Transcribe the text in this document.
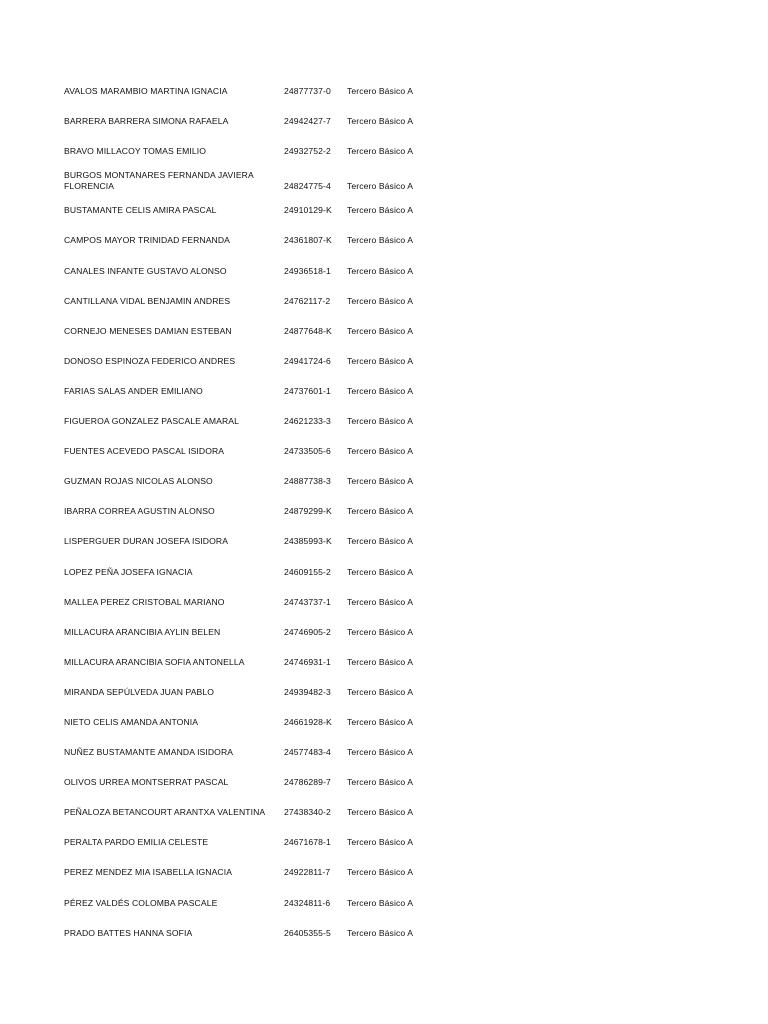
AVALOS MARAMBIO MARTINA IGNACIA	24877737-0 Tercero Básico A
BARRERA BARRERA SIMONA RAFAELA	24942427-7 Tercero Básico A
BRAVO MILLACOY TOMAS EMILIO	24932752-2 Tercero Básico A
BURGOS MONTANARES FERNANDA JAVIERA FLORENCIA	24824775-4 Tercero Básico A
BUSTAMANTE CELIS AMIRA PASCAL	24910129-K Tercero Básico A
CAMPOS MAYOR TRINIDAD FERNANDA	24361807-K Tercero Básico A
CANALES INFANTE GUSTAVO ALONSO	24936518-1 Tercero Básico A
CANTILLANA VIDAL BENJAMIN ANDRES	24762117-2 Tercero Básico A
CORNEJO MENESES DAMIAN ESTEBAN	24877648-K Tercero Básico A
DONOSO ESPINOZA FEDERICO ANDRES	24941724-6 Tercero Básico A
FARIAS SALAS ANDER EMILIANO	24737601-1 Tercero Básico A
FIGUEROA GONZALEZ PASCALE AMARAL	24621233-3 Tercero Básico A
FUENTES ACEVEDO PASCAL ISIDORA	24733505-6 Tercero Básico A
GUZMAN ROJAS NICOLAS ALONSO	24887738-3 Tercero Básico A
IBARRA CORREA AGUSTIN ALONSO	24879299-K Tercero Básico A
LISPERGUER DURAN JOSEFA ISIDORA	24385993-K Tercero Básico A
LOPEZ PEÑA JOSEFA IGNACIA	24609155-2 Tercero Básico A
MALLEA PEREZ CRISTOBAL MARIANO	24743737-1 Tercero Básico A
MILLACURA ARANCIBIA AYLIN BELEN	24746905-2 Tercero Básico A
MILLACURA ARANCIBIA SOFIA ANTONELLA	24746931-1 Tercero Básico A
MIRANDA SEPÚLVEDA JUAN PABLO	24939482-3 Tercero Básico A
NIETO CELIS AMANDA ANTONIA	24661928-K Tercero Básico A
NUÑEZ BUSTAMANTE AMANDA ISIDORA	24577483-4 Tercero Básico A
OLIVOS URREA MONTSERRAT PASCAL	24786289-7 Tercero Básico A
PEÑALOZA BETANCOURT ARANTXA VALENTINA	27438340-2 Tercero Básico A
PERALTA PARDO EMILIA CELESTE	24671678-1 Tercero Básico A
PEREZ MENDEZ MIA ISABELLA IGNACIA	24922811-7 Tercero Básico A
PÉREZ VALDÉS COLOMBA PASCALE	24324811-6 Tercero Básico A
PRADO BATTES HANNA SOFIA	26405355-5 Tercero Básico A
